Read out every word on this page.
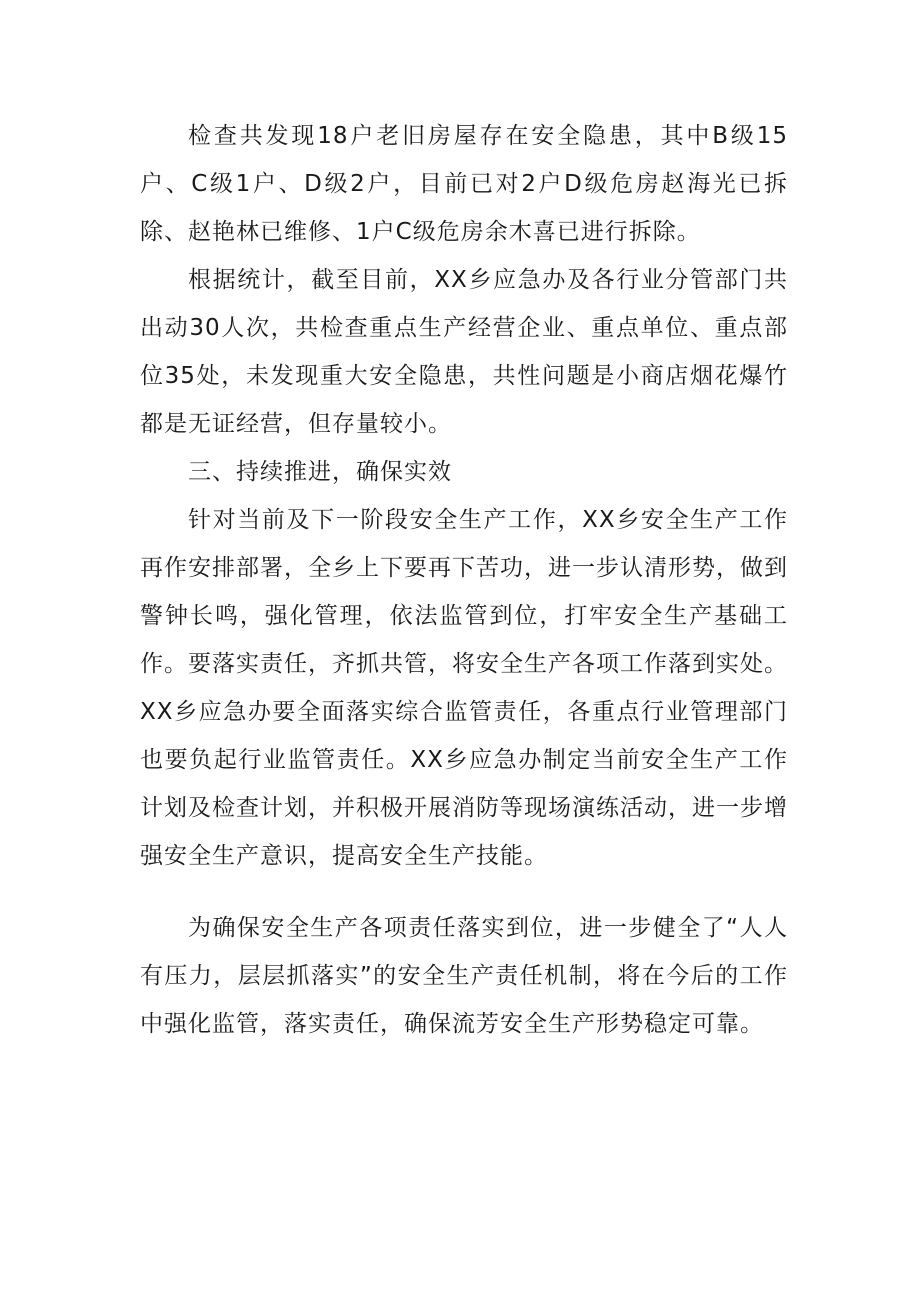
检查共发现18户老旧房屋存在安全隐患，其中B级15户、C级1户、D级2户，目前已对2户D级危房赵海光已拆除、赵艳林已维修、1户C级危房余木喜已进行拆除。

根据统计，截至目前，XX乡应急办及各行业分管部门共出动30人次，共检查重点生产经营企业、重点单位、重点部位35处，未发现重大安全隐患，共性问题是小商店烟花爆竹都是无证经营，但存量较小。

三、持续推进，确保实效

针对当前及下一阶段安全生产工作，XX乡安全生产工作再作安排部署，全乡上下要再下苦功，进一步认清形势，做到警钟长鸣，强化管理，依法监管到位，打牢安全生产基础工作。要落实责任，齐抓共管，将安全生产各项工作落到实处。XX乡应急办要全面落实综合监管责任，各重点行业管理部门也要负起行业监管责任。XX乡应急办制定当前安全生产工作计划及检查计划，并积极开展消防等现场演练活动，进一步增强安全生产意识，提高安全生产技能。

为确保安全生产各项责任落实到位，进一步健全了“人人有压力，层层抓落实”的安全生产责任机制，将在今后的工作中强化监管，落实责任，确保流芳安全生产形势稳定可靠。
